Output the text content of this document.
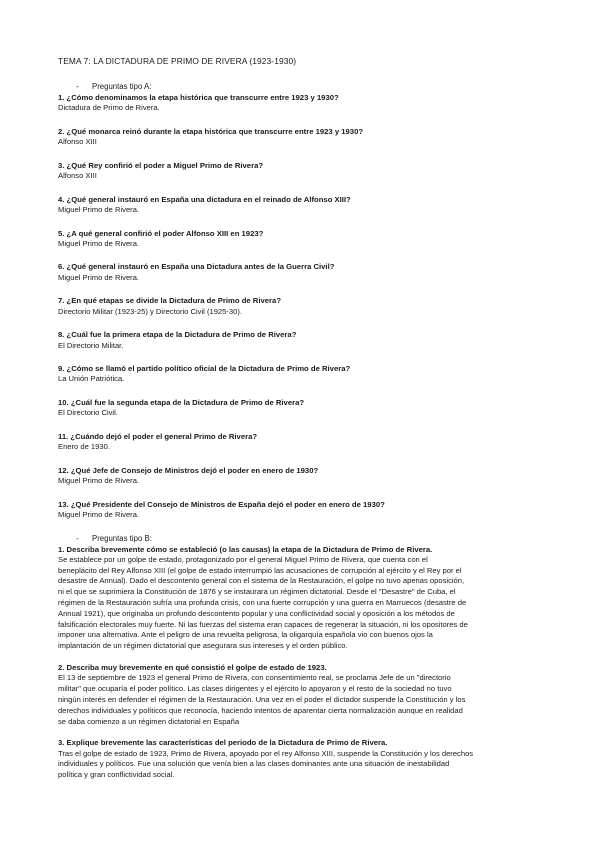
TEMA 7: LA DICTADURA DE PRIMO DE RIVERA (1923-1930)
- Preguntas tipo A:
1. ¿Cómo denominamos la etapa histórica que transcurre entre 1923 y 1930?
Dictadura de Primo de Rivera.
2. ¿Qué monarca reinó durante la etapa histórica que transcurre entre 1923 y 1930?
Alfonso XIII
3. ¿Qué Rey confirió el poder a Miguel Primo de Rivera?
Alfonso XIII
4. ¿Qué general instauró en España una dictadura en el reinado de Alfonso XIII?
Miguel Primo de Rivera.
5. ¿A qué general confirió el poder Alfonso XIII en 1923?
Miguel Primo de Rivera.
6. ¿Qué general instauró en España una Dictadura antes de la Guerra Civil?
Miguel Primo de Rivera.
7. ¿En qué etapas se divide la Dictadura de Primo de Rivera?
Directorio Militar (1923-25) y Directorio Civil (1925-30).
8. ¿Cuál fue la primera etapa de la Dictadura de Primo de Rivera?
El Directorio Militar.
9. ¿Cómo se llamó el partido político oficial de la Dictadura de Primo de Rivera?
La Unión Patriótica.
10. ¿Cuál fue la segunda etapa de la Dictadura de Primo de Rivera?
El Directorio Civil.
11. ¿Cuándo dejó el poder el general Primo de Rivera?
Enero de 1930.
12. ¿Qué Jefe de Consejo de Ministros dejó el poder en enero de 1930?
Miguel Primo de Rivera.
13. ¿Qué Presidente del Consejo de Ministros de España dejó el poder en enero de 1930?
Miguel Primo de Rivera.
- Preguntas tipo B:
1. Describa brevemente cómo se estableció (o las causas) la etapa de la Dictadura de Primo de Rivera.
Se establece por un golpe de estado, protagonizado por el general Miguel Primo de Rivera, que cuenta con el
beneplácito del Rey Alfonso XIII (el golpe de estado interrumpió las acusaciones de corrupción al ejército y el Rey por el
desastre de Annual). Dado el descontento general con el sistema de la Restauración, el golpe no tuvo apenas oposición,
ni el que se suprimiera la Constitución de 1876 y se instaurara un régimen dictatorial. Desde el "Desastre" de Cuba, el
régimen de la Restauración sufría una profunda crisis, con una fuerte corrupción y una guerra en Marruecos (desastre de
Annual 1921), que originaba un profundo descontento popular y una conflictividad social y oposición a los métodos de
falsificación electorales muy fuerte. Ni las fuerzas del sistema eran capaces de regenerar la situación, ni los opositores de
imponer una alternativa. Ante el peligro de una revuelta peligrosa, la oligarquía española vio con buenos ojos la
implantación de un régimen dictatorial que asegurara sus intereses y el orden público.
2. Describa muy brevemente en qué consistió el golpe de estado de 1923.
El 13 de septiembre de 1923 el general Primo de Rivera, con consentimiento real, se proclama Jefe de un "directorio
militar" que ocuparía el poder político. Las clases dirigentes y el ejército lo apoyaron y el resto de la sociedad no tuvo
ningún interés en defender el régimen de la Restauración. Una vez en el poder el dictador suspende la Constitución y los
derechos individuales y políticos que reconocía, haciendo intentos de aparentar cierta normalización aunque en realidad
se daba comienzo a un régimen dictatorial en España
3. Explique brevemente las características del periodo de la Dictadura de Primo de Rivera.
Tras el golpe de estado de 1923, Primo de Rivera, apoyado por el rey Alfonso XIII, suspende la Constitución y los derechos
individuales y políticos. Fue una solución que venía bien a las clases dominantes ante una situación de inestabilidad
política y gran conflictividad social.
